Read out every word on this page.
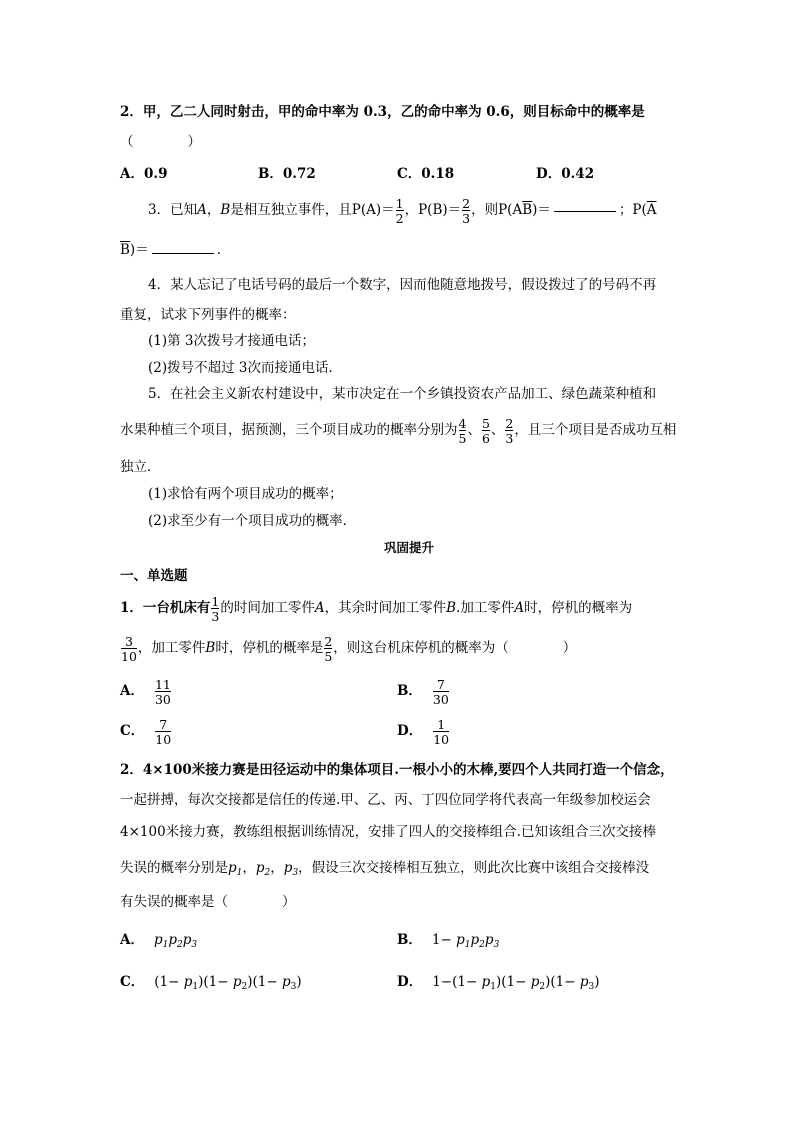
2．甲，乙二人同时射击，甲的命中率为 0.3，乙的命中率为 0.6，则目标命中的概率是
（　　　　）
A．0.9	B．0.72	C．0.18	D．0.42
3．已知 A ， B 是相互独立事件，且 $P(A)= \frac{1}{2}$ ， $P(B)= \frac{2}{3}$ ，则 P(A $\overline{B}$ )＝	； P( $\overline{A}$
$\overline{B})=$	．
4．某人忘记了电话号码的最后一个数字，因而他随意地拨号，假设拨过了的号码不再
重复，试求下列事件的概率：
(1)第 3次拨号才接通电话；
(2)拨号不超过 3次而接通电话．
5．在社会主义新农村建设中，某市决定在一个乡镇投资农产品加工、绿色蔬菜种植和
水果种植三个项目，据预测，三个项目成功的概率分别为 $\frac{4}{5}$ 、 $\frac{5}{6}$ 、 $\frac{2}{3}$ ，且三个项目是否成功互相
独立．
(1)求恰有两个项目成功的概率；
(2)求至少有一个项目成功的概率．
巩固提升
一、单选题
1．一台机床有 $\frac{1}{3}$ 的时间加工零件 A ，其余时间加工零件 B .加工零件 A 时，停机的概率为
$\frac{3}{10}$ ，加工零件 B 时，停机的概率是 $\frac{2}{5}$ ，则这台机床停机的概率为（　　　　）
A． $\frac{11}{30}$	B． $\frac{7}{30}$
C． $\frac{7}{10}$	D． $\frac{1}{10}$
2．4×100米接力赛是田径运动中的集体项目.一根小小的木棒,要四个人共同打造一个信念，
一起拼搏，每次交接都是信任的传递.甲、乙、丙、丁四位同学将代表高一年级参加校运会
4×100米接力赛，教练组根据训练情况，安排了四人的交接棒组合.已知该组合三次交接棒
失误的概率分别是$p_1$，$p_2$，$p_3$，假设三次交接棒相互独立，则此次比赛中该组合交接棒没
有失误的概率是（　　　　）
A． $p_1p_2p_3$	B． $1- p_1p_2p_3$
C． $(1- p_1)(1- p_2)(1- p_3)$	D． $1-(1- p_1)(1- p_2)(1- p_3)$
